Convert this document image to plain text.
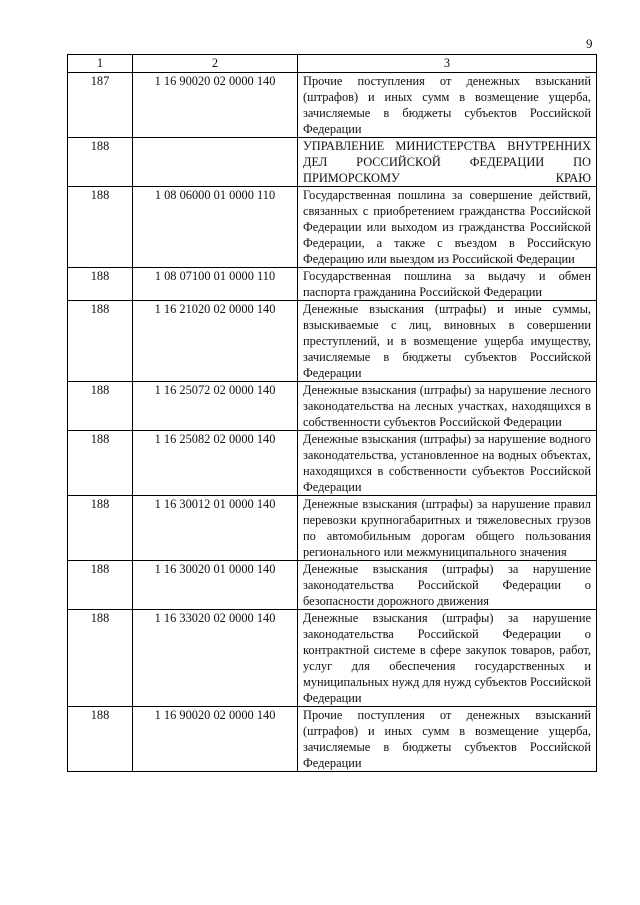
9
1	2	3
187	1 16 90020 02 0000 140	Прочие поступления от денежных взысканий (штрафов) и иных сумм в возмещение ущерба, зачисляемые в бюджеты субъектов Российской Федерации
188		УПРАВЛЕНИЕ МИНИСТЕРСТВА ВНУТРЕННИХ ДЕЛ РОССИЙСКОЙ ФЕДЕРАЦИИ ПО ПРИМОРСКОМУ КРАЮ
188	1 08 06000 01 0000 110	Государственная пошлина за совершение действий, связанных с приобретением гражданства Российской Федерации или выходом из гражданства Российской Федерации, а также с въездом в Российскую Федерацию или выездом из Российской Федерации
188	1 08 07100 01 0000 110	Государственная пошлина за выдачу и обмен паспорта гражданина Российской Федерации
188	1 16 21020 02 0000 140	Денежные взыскания (штрафы) и иные суммы, взыскиваемые с лиц, виновных в совершении преступлений, и в возмещение ущерба имуществу, зачисляемые в бюджеты субъектов Российской Федерации
188	1 16 25072 02 0000 140	Денежные взыскания (штрафы) за нарушение лесного законодательства на лесных участках, находящихся в собственности субъектов Российской Федерации
188	1 16 25082 02 0000 140	Денежные взыскания (штрафы) за нарушение водного законодательства, установленное на водных объектах, находящихся в собственности субъектов Российской Федерации
188	1 16 30012 01 0000 140	Денежные взыскания (штрафы) за нарушение правил перевозки крупногабаритных и тяжеловесных грузов по автомобильным дорогам общего пользования регионального или межмуниципального значения
188	1 16 30020 01 0000 140	Денежные взыскания (штрафы) за нарушение законодательства Российской Федерации о безопасности дорожного движения
188	1 16 33020 02 0000 140	Денежные взыскания (штрафы) за нарушение законодательства Российской Федерации о контрактной системе в сфере закупок товаров, работ, услуг для обеспечения государственных и муниципальных нужд для нужд субъектов Российской Федерации
188	1 16 90020 02 0000 140	Прочие поступления от денежных взысканий (штрафов) и иных сумм в возмещение ущерба, зачисляемые в бюджеты субъектов Российской Федерации
